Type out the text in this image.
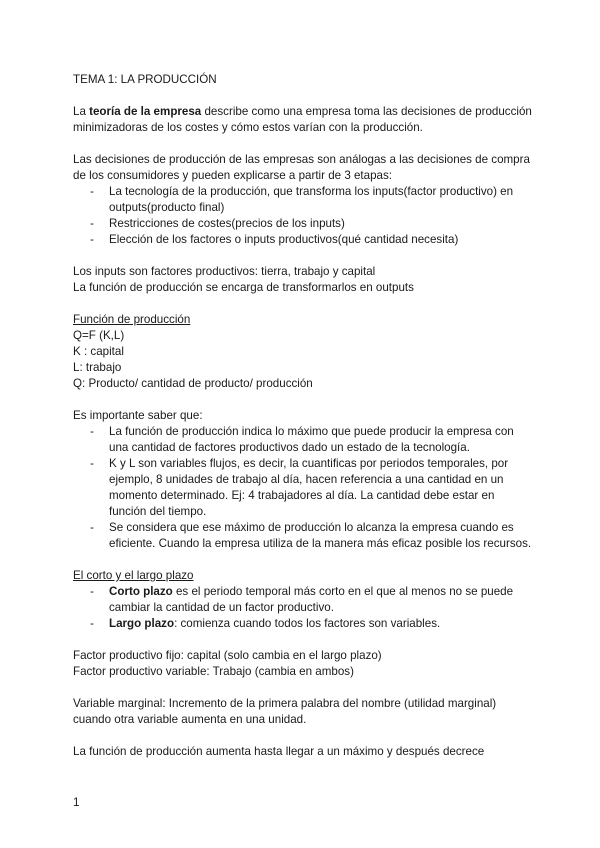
TEMA 1: LA PRODUCCIÓN

La teoría de la empresa describe como una empresa toma las decisiones de producción minimizadoras de los costes y cómo estos varían con la producción.

Las decisiones de producción de las empresas son análogas a las decisiones de compra de los consumidores y pueden explicarse a partir de 3 etapas:

- La tecnología de la producción, que transforma los inputs(factor productivo) en outputs(producto final)
- Restricciones de costes(precios de los inputs)
- Elección de los factores o inputs productivos(qué cantidad necesita)

Los inputs son factores productivos: tierra, trabajo y capital

La función de producción se encarga de transformarlos en outputs

Función de producción

Q=F (K,L)

K : capital

L: trabajo

Q: Producto/ cantidad de producto/ producción

Es importante saber que:

- La función de producción indica lo máximo que puede producir la empresa con una cantidad de factores productivos dado un estado de la tecnología.
- K y L son variables flujos, es decir, la cuantificas por periodos temporales, por ejemplo, 8 unidades de trabajo al día, hacen referencia a una cantidad en un momento determinado. Ej: 4 trabajadores al día. La cantidad debe estar en función del tiempo.
- Se considera que ese máximo de producción lo alcanza la empresa cuando es eficiente. Cuando la empresa utiliza de la manera más eficaz posible los recursos.

El corto y el largo plazo

- Corto plazo es el periodo temporal más corto en el que al menos no se puede cambiar la cantidad de un factor productivo.
- Largo plazo: comienza cuando todos los factores son variables.

Factor productivo fijo: capital (solo cambia en el largo plazo)

Factor productivo variable: Trabajo (cambia en ambos)

Variable marginal: Incremento de la primera palabra del nombre (utilidad marginal) cuando otra variable aumenta en una unidad.

La función de producción aumenta hasta llegar a un máximo y después decrece

1
